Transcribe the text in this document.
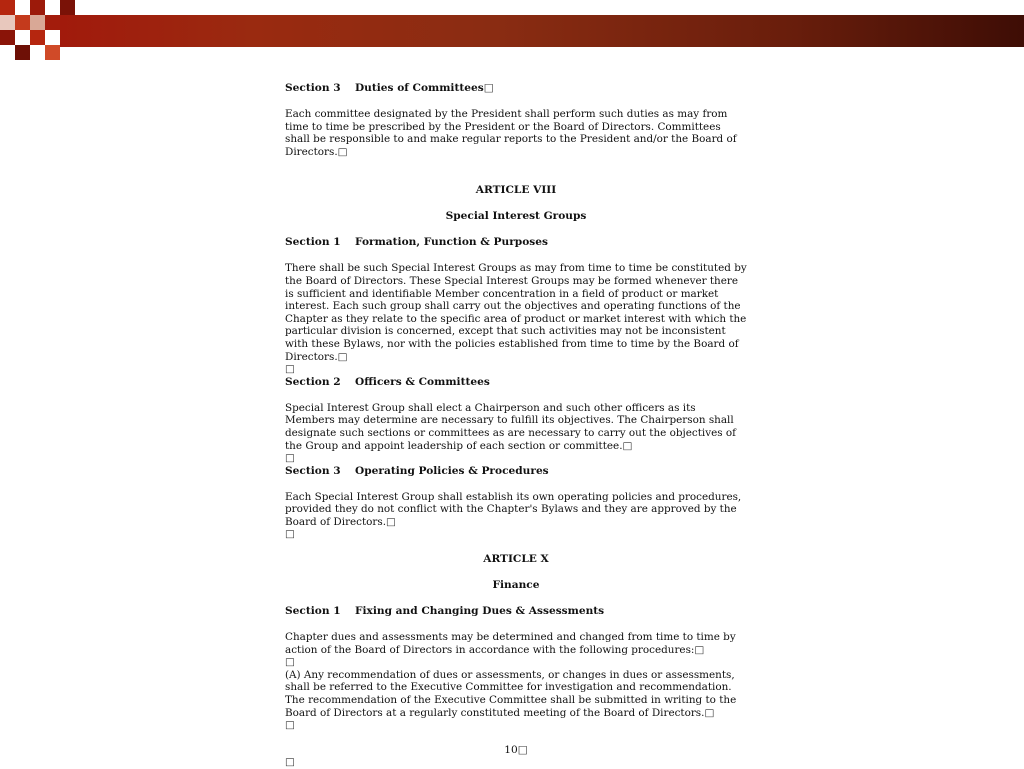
Section 3 Duties of Committees□

Each committee designated by the President shall perform such duties as may from time to time be prescribed by the President or the Board of Directors. Committees shall be responsible to and make regular reports to the President and/or the Board of Directors.□

ARTICLE VIII
Special Interest Groups
Section 1 Formation, Function & Purposes

There shall be such Special Interest Groups as may from time to time be constituted by the Board of Directors. These Special Interest Groups may be formed whenever there is sufficient and identifiable Member concentration in a field of product or market interest. Each such group shall carry out the objectives and operating functions of the Chapter as they relate to the specific area of product or market interest with which the particular division is concerned, except that such activities may not be inconsistent with these Bylaws, nor with the policies established from time to time by the Board of Directors.□

□
Section 2 Officers & Committees

Special Interest Group shall elect a Chairperson and such other officers as its Members may determine are necessary to fulfill its objectives. The Chairperson shall designate such sections or committees as are necessary to carry out the objectives of the Group and appoint leadership of each section or committee.□

□
Section 3 Operating Policies & Procedures

Each Special Interest Group shall establish its own operating policies and procedures, provided they do not conflict with the Chapter's Bylaws and they are approved by the Board of Directors.□

□
ARTICLE X
Finance
Section 1 Fixing and Changing Dues & Assessments

Chapter dues and assessments may be determined and changed from time to time by action of the Board of Directors in accordance with the following procedures:□

□

(A) Any recommendation of dues or assessments, or changes in dues or assessments, shall be referred to the Executive Committee for investigation and recommendation. The recommendation of the Executive Committee shall be submitted in writing to the Board of Directors at a regularly constituted meeting of the Board of Directors.□

□
10□
□
